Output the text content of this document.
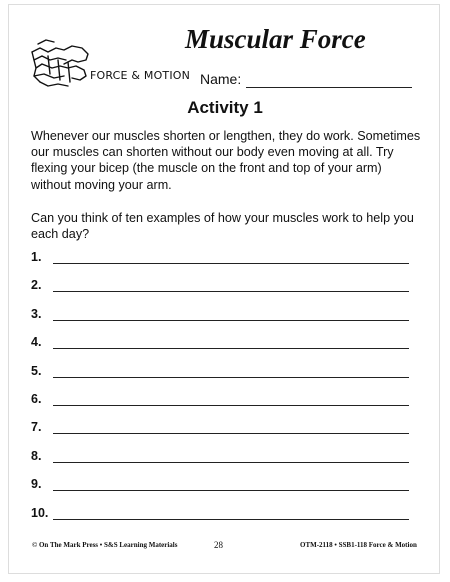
FORCE & MOTION
Muscular Force
Name:
Activity 1
Whenever our muscles shorten or lengthen, they do work. Sometimes our muscles can shorten without our body even moving at all. Try flexing your bicep (the muscle on the front and top of your arm) without moving your arm.
Can you think of ten examples of how your muscles work to help you each day?
1.
2.
3.
4.
5.
6.
7.
8.
9.
10.
© On The Mark Press • S&S Learning Materials	28	OTM-2118 • SSB1-118 Force & Motion
